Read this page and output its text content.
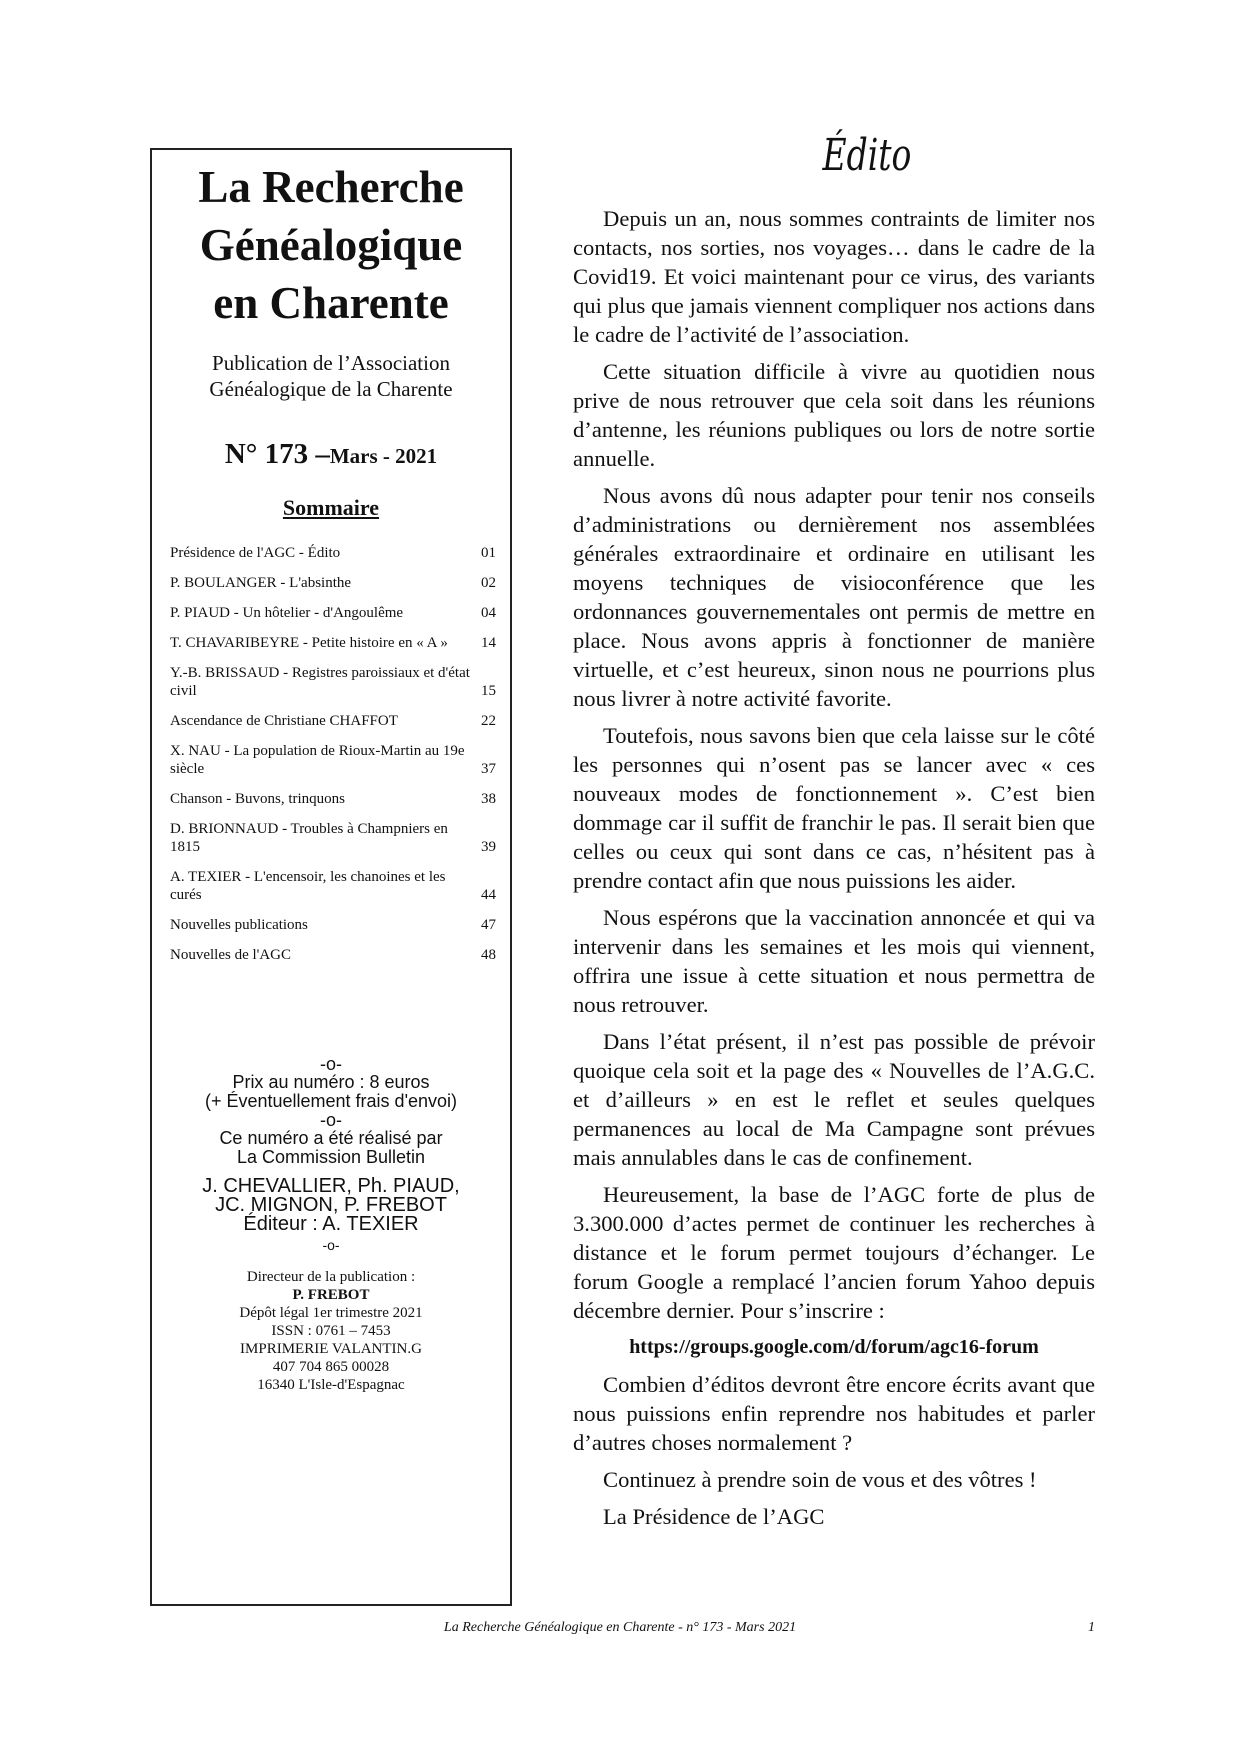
La Recherche
Généalogique
en Charente
Publication de l’Association
Généalogique de la Charente
N° 173 –Mars - 2021
Sommaire
Présidence de l'AGC - Édito	01
P. BOULANGER - L'absinthe	02
P. PIAUD - Un hôtelier - d'Angoulême	04
T. CHAVARIBEYRE - Petite histoire en « A »	14
Y.-B. BRISSAUD - Registres paroissiaux et d'état civil	15
Ascendance de Christiane CHAFFOT	22
X. NAU - La population de Rioux-Martin au 19e siècle	37
Chanson - Buvons, trinquons	38
D. BRIONNAUD - Troubles à Champniers en 1815	39
A. TEXIER - L'encensoir, les chanoines et les curés	44
Nouvelles publications	47
Nouvelles de l'AGC	48
-o-
Prix au numéro : 8 euros
(+ Éventuellement frais d'envoi)
-o-
Ce numéro a été réalisé par
La Commission Bulletin
J. CHEVALLIER, Ph. PIAUD,
JC. MIGNON, P. FREBOT
Éditeur : A. TEXIER
-o-
Directeur de la publication :
P. FREBOT
Dépôt légal 1er trimestre 2021
ISSN : 0761 – 7453
IMPRIMERIE VALANTIN.G
407 704 865 00028
16340 L'Isle-d'Espagnac
Édito

Depuis un an, nous sommes contraints de limiter nos contacts, nos sorties, nos voyages… dans le cadre de la Covid19. Et voici maintenant pour ce virus, des variants qui plus que jamais viennent compliquer nos actions dans le cadre de l’activité de l’association.

Cette situation difficile à vivre au quotidien nous prive de nous retrouver que cela soit dans les réunions d’antenne, les réunions publiques ou lors de notre sortie annuelle.

Nous avons dû nous adapter pour tenir nos conseils d’administrations ou dernièrement nos assemblées générales extraordinaire et ordinaire en utilisant les moyens techniques de visioconférence que les ordonnances gouvernementales ont permis de mettre en place. Nous avons appris à fonctionner de manière virtuelle, et c’est heureux, sinon nous ne pourrions plus nous livrer à notre activité favorite.

Toutefois, nous savons bien que cela laisse sur le côté les personnes qui n’osent pas se lancer avec « ces nouveaux modes de fonctionnement ». C’est bien dommage car il suffit de franchir le pas. Il serait bien que celles ou ceux qui sont dans ce cas, n’hésitent pas à prendre contact afin que nous puissions les aider.

Nous espérons que la vaccination annoncée et qui va intervenir dans les semaines et les mois qui viennent, offrira une issue à cette situation et nous permettra de nous retrouver.

Dans l’état présent, il n’est pas possible de prévoir quoique cela soit et la page des « Nouvelles de l’A.G.C. et d’ailleurs » en est le reflet et seules quelques permanences au local de Ma Campagne sont prévues mais annulables dans le cas de confinement.

Heureusement, la base de l’AGC forte de plus de 3.300.000 d’actes permet de continuer les recherches à distance et le forum permet toujours d’échanger. Le forum Google a remplacé l’ancien forum Yahoo depuis décembre dernier. Pour s’inscrire :

https://groups.google.com/d/forum/agc16-forum

Combien d’éditos devront être encore écrits avant que nous puissions enfin reprendre nos habitudes et parler d’autres choses normalement ?

Continuez à prendre soin de vous et des vôtres !

La Présidence de l’AGC

La Recherche Généalogique en Charente - n° 173 - Mars 2021	1
